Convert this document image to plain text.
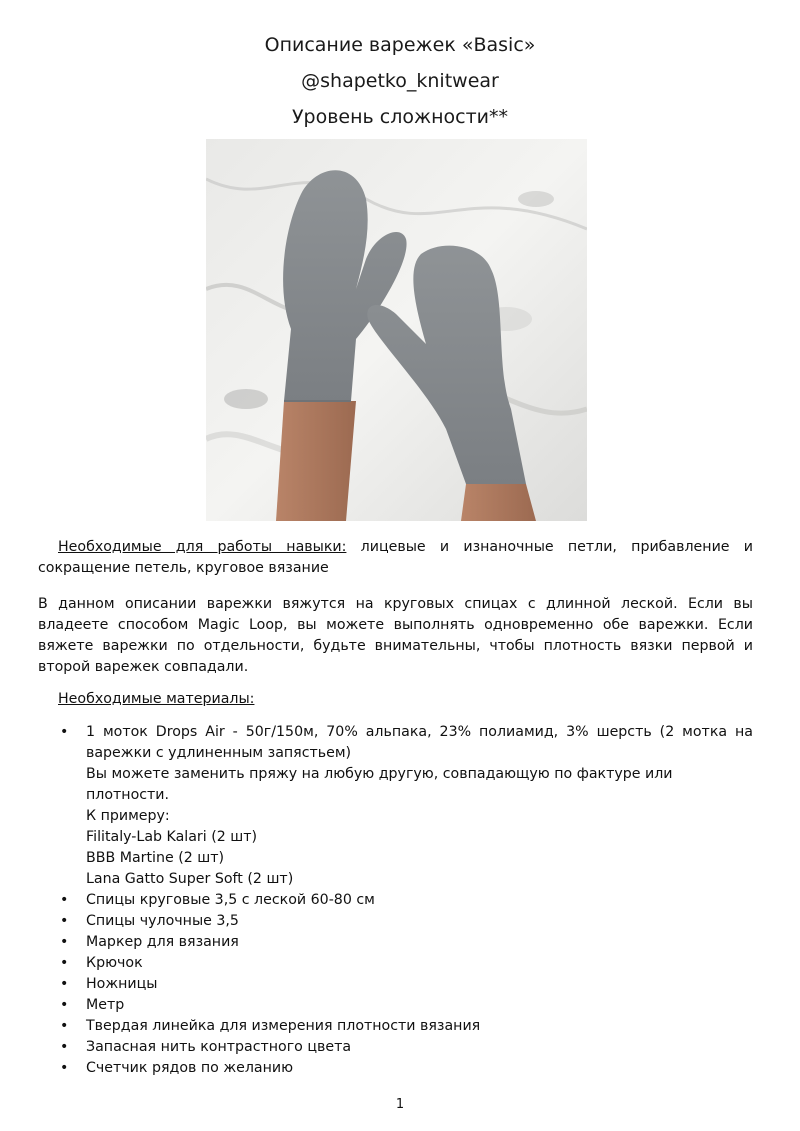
Описание варежек «Basic»
@shapetko_knitwear
Уровень сложности**

Необходимые для работы навыки: лицевые и изнаночные петли, прибавление и сокращение петель, круговое вязание

В данном описании варежки вяжутся на круговых спицах с длинной леской. Если вы владеете способом Magic Loop, вы можете выполнять одновременно обе варежки. Если вяжете варежки по отдельности, будьте внимательны, чтобы плотность вязки первой и второй варежек совпадали.

Необходимые материалы:
• 1 моток Drops Air - 50г/150м, 70% альпака, 23% полиамид, 3% шерсть (2 мотка на варежки с удлиненным запястьем)
Вы можете заменить пряжу на любую другую, совпадающую по фактуре или плотности.
К примеру:
Filitaly-Lab Kalari (2 шт)
BBB Martine (2 шт)
Lana Gatto Super Soft (2 шт)
• Спицы круговые 3,5 с леской 60-80 см
• Спицы чулочные 3,5
• Маркер для вязания
• Крючок
• Ножницы
• Метр
• Твердая линейка для измерения плотности вязания
• Запасная нить контрастного цвета
• Счетчик рядов по желанию
1
